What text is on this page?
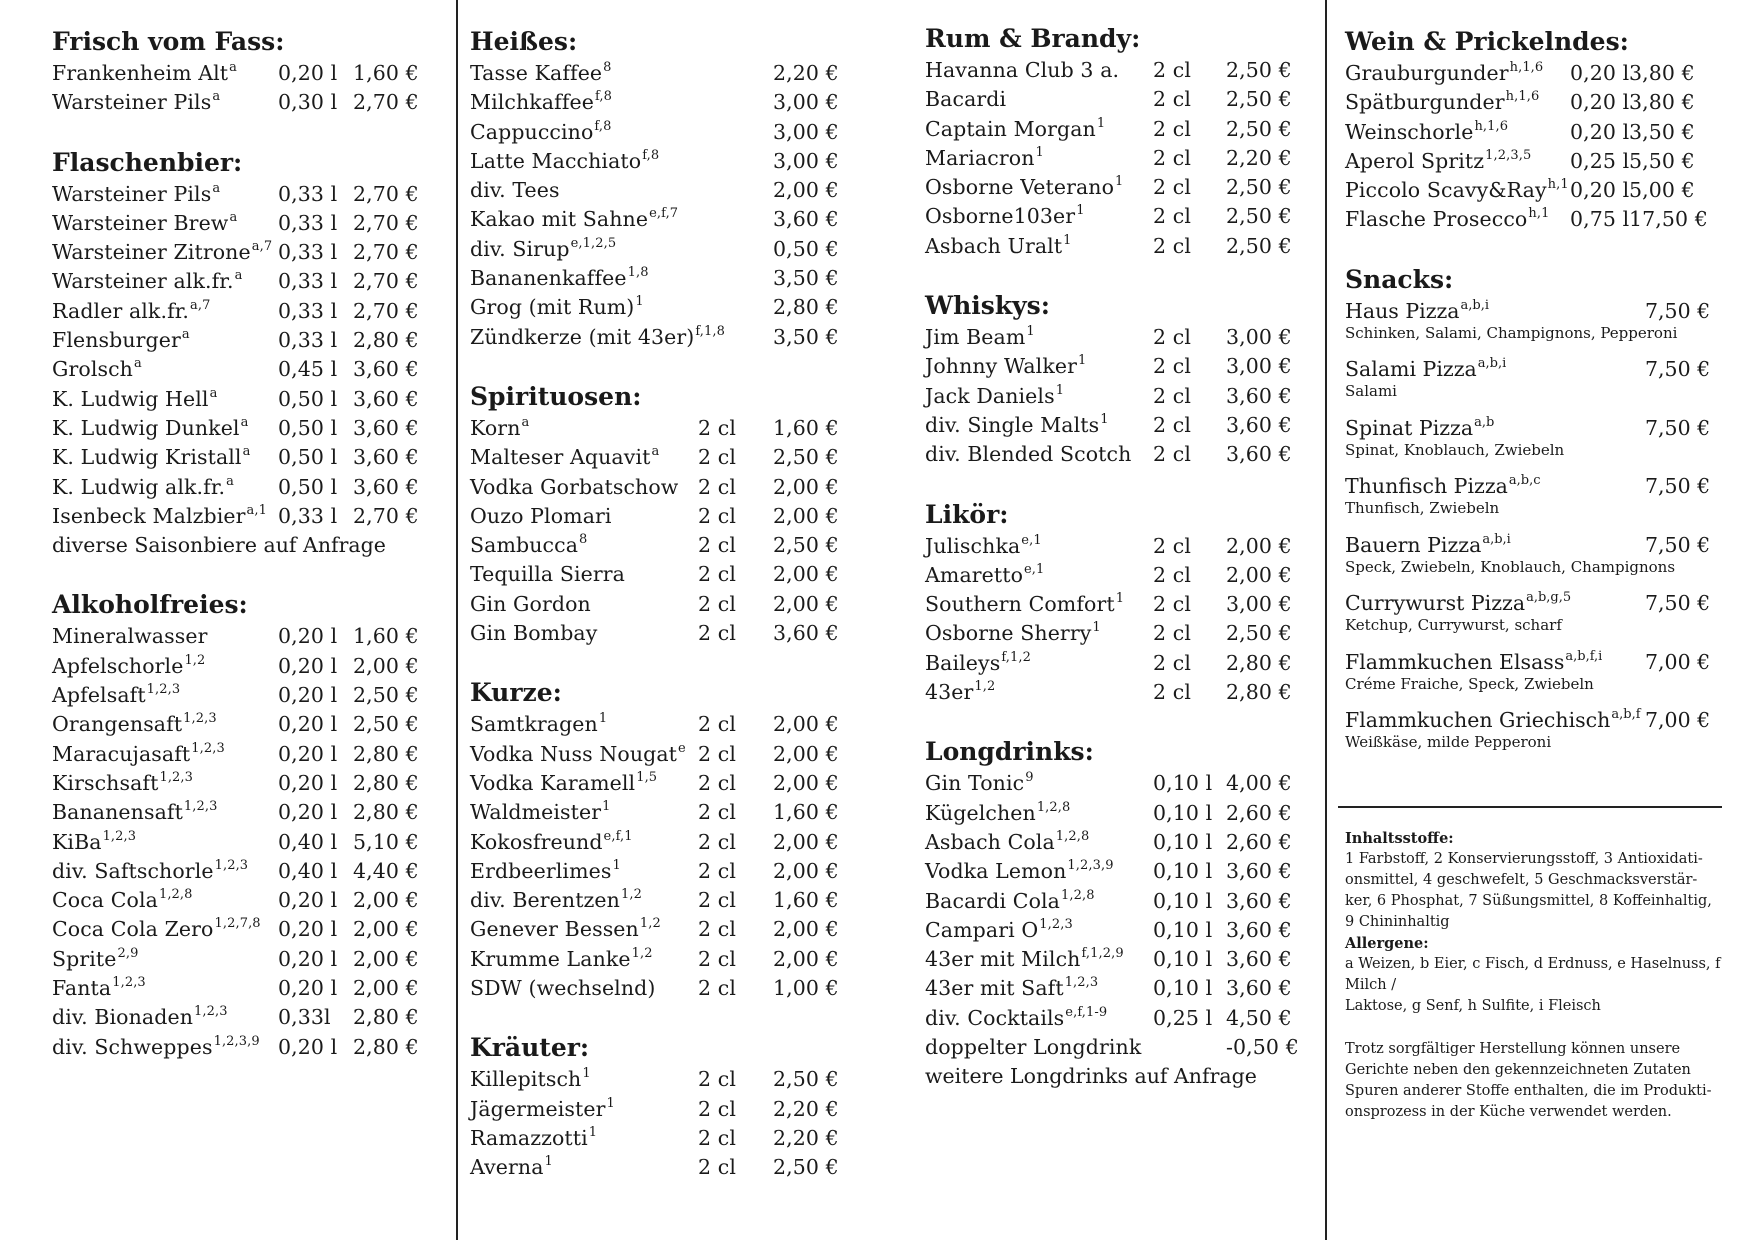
Frisch vom Fass:
Frankenheim Alt$^a$ 0,20 l 1,60 €
Warsteiner Pils$^a$	0,30 l 2,70 €
Flaschenbier:
Warsteiner Pils$^a$	0,33 l 2,70 €
Warsteiner Brew$^a$ 0,33 l 2,70 €
Warsteiner Zitrone$^{a,7}$ 0,33 l 2,70 €
Warsteiner alk.fr.$^a$ 0,33 l 2,70 €
Radler alk.fr.$^{a,7}$	0,33 l 2,70 €
Flensburger$^a$	0,33 l 2,80 €
Grolsch$^a$	0,45 l 3,60 €
K. Ludwig Hell$^a$	0,50 l 3,60 €
K. Ludwig Dunkel$^a$ 0,50 l 3,60 €
K. Ludwig Kristall$^a$ 0,50 l 3,60 €
K. Ludwig alk.fr.$^a$ 0,50 l 3,60 €
Isenbeck Malzbier$^{a,1}$ 0,33 l 2,70 €
diverse Saisonbiere auf Anfrage
Alkoholfreies:
Mineralwasser	0,20 l 1,60 €
Apfelschorle$^{1,2}$	0,20 l 2,00 €
Apfelsaft$^{1,2,3}$	0,20 l 2,50 €
Orangensaft$^{1,2,3}$	0,20 l 2,50 €
Maracujasaft$^{1,2,3}$	0,20 l 2,80 €
Kirschsaft$^{1,2,3}$	0,20 l 2,80 €
Bananensaft$^{1,2,3}$	0,20 l 2,80 €
KiBa$^{1,2,3}$	0,40 l 5,10 €
div. Saftschorle$^{1,2,3}$ 0,40 l 4,40 €
Coca Cola$^{1,2,8}$	0,20 l 2,00 €
Coca Cola Zero$^{1,2,7,8}$ 0,20 l 2,00 €
Sprite$^{2,9}$	0,20 l 2,00 €
Fanta$^{1,2,3}$	0,20 l 2,00 €
div. Bionaden$^{1,2,3}$ 0,33l 2,80 €
div. Schweppes$^{1,2,3,9}$ 0,20 l 2,80 €
Heißes:
Tasse Kaffee$^8$	2,20 €
Milchkaffee$^{f,8}$	3,00 €
Cappuccino$^{f,8}$	3,00 €
Latte Macchiato$^{f,8}$	3,00 €
div. Tees	2,00 €
Kakao mit Sahne$^{e,f,7}$	3,60 €
div. Sirup$^{e,1,2,5}$	0,50 €
Bananenkaffee$^{1,8}$	3,50 €
Grog (mit Rum)$^1$	2,80 €
Zündkerze (mit 43er)$^{f,1,8}$ 3,50 €
Spirituosen:
Korn$^a$	2 cl 1,60 €
Malteser Aquavit$^a$ 2 cl 2,50 €
Vodka Gorbatschow 2 cl 2,00 €
Ouzo Plomari	2 cl 2,00 €
Sambucca$^8$	2 cl 2,50 €
Tequilla Sierra	2 cl 2,00 €
Gin Gordon	2 cl 2,00 €
Gin Bombay	2 cl 3,60 €
Kurze:
Samtkragen$^1$	2 cl 2,00 €
Vodka Nuss Nougat$^e$ 2 cl 2,00 €
Vodka Karamell$^{1,5}$ 2 cl 2,00 €
Waldmeister$^1$	2 cl 1,60 €
Kokosfreund$^{e,f,1}$	2 cl 2,00 €
Erdbeerlimes$^1$	2 cl 2,00 €
div. Berentzen$^{1,2}$	2 cl 1,60 €
Genever Bessen$^{1,2}$ 2 cl 2,00 €
Krumme Lanke$^{1,2}$ 2 cl 2,00 €
SDW (wechselnd) 2 cl 1,00 €
Kräuter:
Killepitsch$^1$	2 cl 2,50 €
Jägermeister$^1$	2 cl 2,20 €
Ramazzotti$^1$	2 cl 2,20 €
Averna$^1$	2 cl 2,50 €
Rum & Brandy:
Havanna Club 3 a. 2 cl 2,50 €
Bacardi	2 cl 2,50 €
Captain Morgan$^1$ 2 cl 2,50 €
Mariacron$^1$	2 cl 2,20 €
Osborne Veterano$^1$ 2 cl 2,50 €
$Osborne103er^1$	2 cl 2,50 €
Asbach Uralt$^1$	2 cl 2,50 €
Whiskys:
Jim Beam$^1$	2 cl 3,00 €
Johnny Walker$^1$	2 cl 3,00 €
Jack Daniels$^1$	2 cl 3,60 €
div. Single Malts$^1$ 2 cl 3,60 €
div. Blended Scotch 2 cl 3,60 €
Likör:
Julischka$^{e,1}$	2 cl 2,00 €
Amaretto$^{e,1}$	2 cl 2,00 €
Southern Comfort$^1$ 2 cl 3,00 €
Osborne Sherry$^1$	2 cl 2,50 €
Baileys$^{f,1,2}$	2 cl 2,80 €
43er$^{1,2}$	2 cl 2,80 €
Longdrinks:
Gin Tonic$^9$	0,10 l 4,00 €
Kügelchen$^{1,2,8}$	0,10 l 2,60 €
Asbach Cola$^{1,2,8}$	0,10 l 2,60 €
Vodka Lemon$^{1,2,3,9}$ 0,10 l 3,60 €
Bacardi Cola$^{1,2,8}$	0,10 l 3,60 €
Campari O$^{1,2,3}$	0,10 l 3,60 €
43er mit Milch$^{f,1,2,9}$ 0,10 l 3,60 €
43er mit Saft$^{1,2,3}$	0,10 l 3,60 €
div. Cocktails$^{e,f,1-9}$ 0,25 l 4,50 €
doppelter Longdrink	-0,50 €
weitere Longdrinks auf Anfrage
Wein & Prickelndes:
Grauburgunder$^{h,1,6}$ 0,20 l 3,80 €
Spätburgunder$^{h,1,6}$ 0,20 l 3,80 €
Weinschorle$^{h,1,6}$	0,20 l 3,50 €
Aperol Spritz$^{1,2,3,5}$ 0,25 l 5,50 €
Piccolo Scavy&Ray$^{h,1}$ 0,20 l 5,00 €
Flasche Prosecco$^{h,1}$ 0,75 l 17,50 €
Snacks:
Haus Pizza$^{a,b,i}$	7,50 €
Schinken, Salami, Champignons, Pepperoni
Salami Pizza$^{a,b,i}$	7,50 €
Salami
Spinat Pizza$^{a,b}$	7,50 €
Spinat, Knoblauch, Zwiebeln
Thunfisch Pizza$^{a,b,c}$	7,50 €
Thunfisch, Zwiebeln
Bauern Pizza$^{a,b,i}$	7,50 €
Speck, Zwiebeln, Knoblauch, Champignons
Currywurst Pizza$^{a,b,g,5}$	7,50 €
Ketchup, Currywurst, scharf
Flammkuchen Elsass$^{a,b,f,i}$ 7,00 €
Créme Fraiche, Speck, Zwiebeln
Flammkuchen Griechisch$^{a,b,f}$ 7,00 €
Weißkäse, milde Pepperoni

Inhaltsstoffe:

1 Farbstoff, 2 Konservierungsstoff, 3 Antioxidati-
onsmittel, 4 geschwefelt, 5 Geschmacksverstär-
ker, 6 Phosphat, 7 Süßungsmittel, 8 Koffeinhaltig,
9 Chininhaltig

Allergene:

a Weizen, b Eier, c Fisch, d Erdnuss, e Haselnuss, f
Milch /
Laktose, g Senf, h Sulfite, i Fleisch
Trotz sorgfältiger Herstellung können unsere
Gerichte neben den gekennzeichneten Zutaten
Spuren anderer Stoffe enthalten, die im Produkti-
onsprozess in der Küche verwendet werden.
